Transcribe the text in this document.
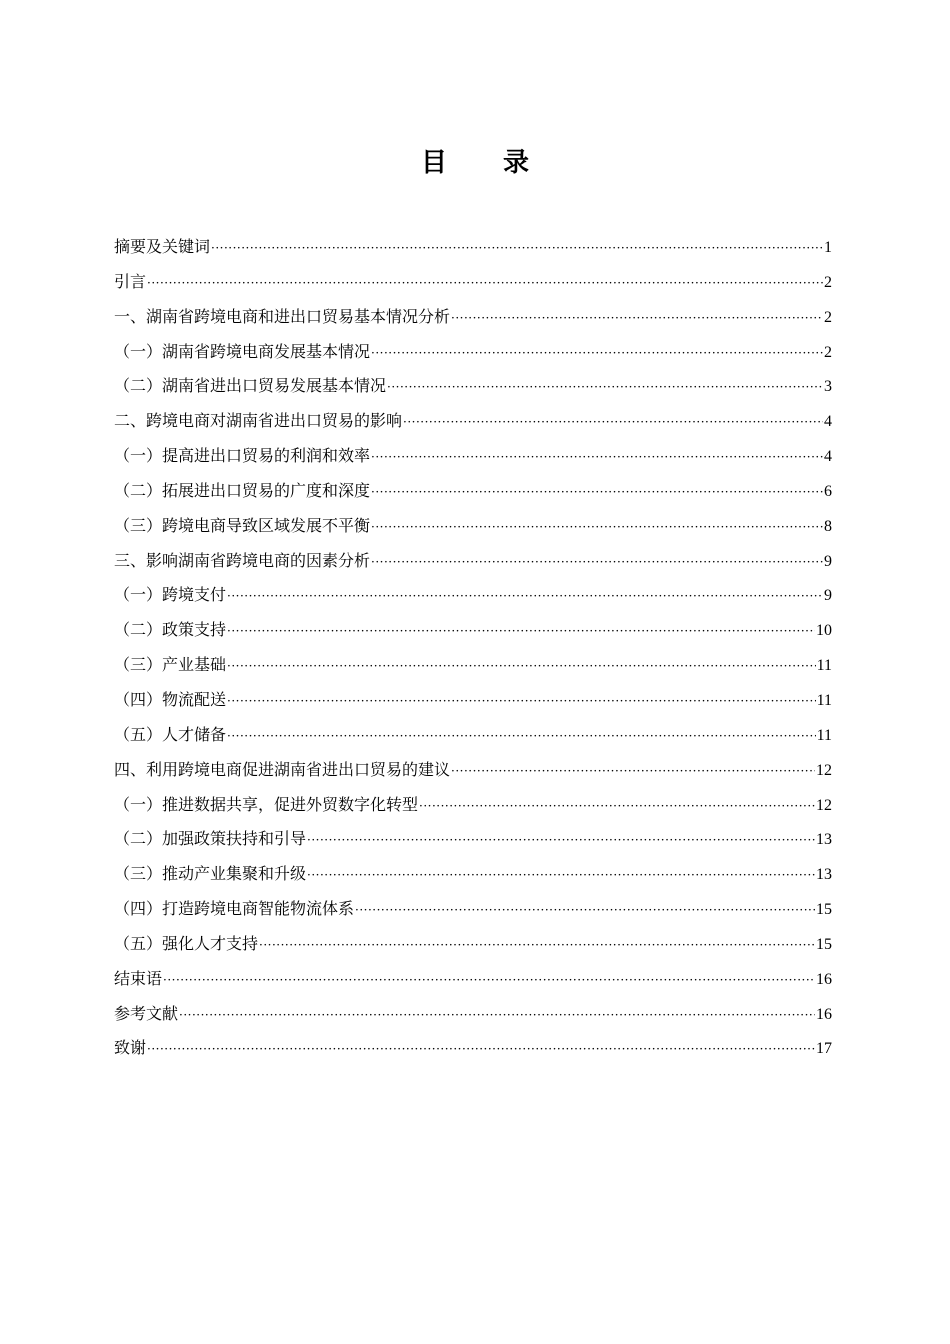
目 录
摘要及关键词 ·····	1
引言 ·····	2
一、湖南省跨境电商和进出口贸易基本情况分析 ·····	2
（一）湖南省跨境电商发展基本情况 ·····	2
（二）湖南省进出口贸易发展基本情况 ·····	3
二、跨境电商对湖南省进出口贸易的影响 ·····	4
（一）提高进出口贸易的利润和效率 ·····	4
（二）拓展进出口贸易的广度和深度 ·····	6
（三）跨境电商导致区域发展不平衡 ·····	8
三、影响湖南省跨境电商的因素分析 ·····	9
（一）跨境支付 ·····	9
（二）政策支持 ·····	10
（三）产业基础 ·····	11
（四）物流配送 ·····	11
（五）人才储备 ·····	11
四、利用跨境电商促进湖南省进出口贸易的建议 ·····	12
（一）推进数据共享，促进外贸数字化转型 ·····	12
（二）加强政策扶持和引导 ·····	13
（三）推动产业集聚和升级 ·····	13
（四）打造跨境电商智能物流体系 ·····	15
（五）强化人才支持 ·····	15
结束语 ·····	16
参考文献 ·····	16
致谢 ·····	17
